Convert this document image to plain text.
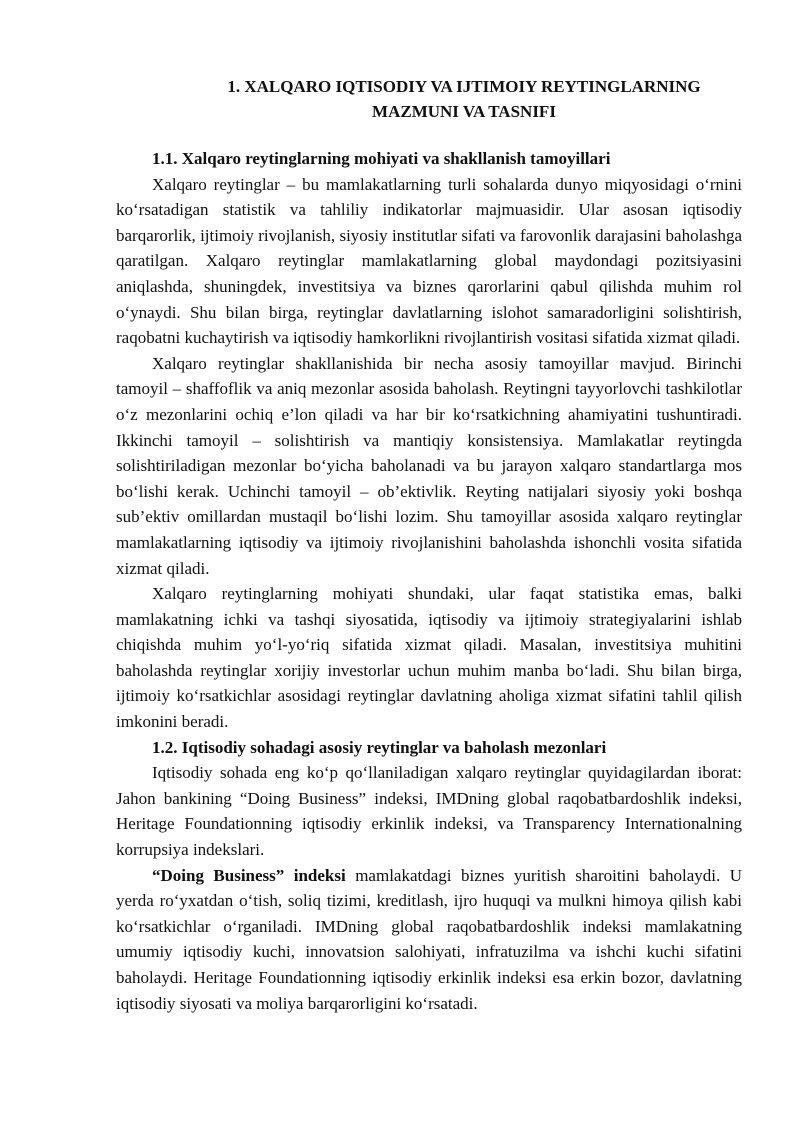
1. XALQARO IQTISODIY VA IJTIMOIY REYTINGLARNING
MAZMUNI VA TASNIFI
1.1. Xalqaro reytinglarning mohiyati va shakllanish tamoyillari

Xalqaro reytinglar – bu mamlakatlarning turli sohalarda dunyo miqyosidagi o‘rnini ko‘rsatadigan statistik va tahliliy indikatorlar majmuasidir. Ular asosan iqtisodiy barqarorlik, ijtimoiy rivojlanish, siyosiy institutlar sifati va farovonlik darajasini baholashga qaratilgan. Xalqaro reytinglar mamlakatlarning global maydondagi pozitsiyasini aniqlashda, shuningdek, investitsiya va biznes qarorlarini qabul qilishda muhim rol o‘ynaydi. Shu bilan birga, reytinglar davlatlarning islohot samaradorligini solishtirish, raqobatni kuchaytirish va iqtisodiy hamkorlikni rivojlantirish vositasi sifatida xizmat qiladi.

Xalqaro reytinglar shakllanishida bir necha asosiy tamoyillar mavjud. Birinchi tamoyil – shaffoflik va aniq mezonlar asosida baholash. Reytingni tayyorlovchi tashkilotlar o‘z mezonlarini ochiq e’lon qiladi va har bir ko‘rsatkichning ahamiyatini tushuntiradi. Ikkinchi tamoyil – solishtirish va mantiqiy konsistensiya. Mamlakatlar reytingda solishtiriladigan mezonlar bo‘yicha baholanadi va bu jarayon xalqaro standartlarga mos bo‘lishi kerak. Uchinchi tamoyil – ob’ektivlik. Reyting natijalari siyosiy yoki boshqa sub’ektiv omillardan mustaqil bo‘lishi lozim. Shu tamoyillar asosida xalqaro reytinglar mamlakatlarning iqtisodiy va ijtimoiy rivojlanishini baholashda ishonchli vosita sifatida xizmat qiladi.

Xalqaro reytinglarning mohiyati shundaki, ular faqat statistika emas, balki mamlakatning ichki va tashqi siyosatida, iqtisodiy va ijtimoiy strategiyalarini ishlab chiqishda muhim yo‘l-yo‘riq sifatida xizmat qiladi. Masalan, investitsiya muhitini baholashda reytinglar xorijiy investorlar uchun muhim manba bo‘ladi. Shu bilan birga, ijtimoiy ko‘rsatkichlar asosidagi reytinglar davlatning aholiga xizmat sifatini tahlil qilish imkonini beradi.

1.2. Iqtisodiy sohadagi asosiy reytinglar va baholash mezonlari

Iqtisodiy sohada eng ko‘p qo‘llaniladigan xalqaro reytinglar quyidagilardan iborat: Jahon bankining “Doing Business” indeksi, IMDning global raqobatbardoshlik indeksi, Heritage Foundationning iqtisodiy erkinlik indeksi, va Transparency Internationalning korrupsiya indekslari.

“Doing Business” indeksi mamlakatdagi biznes yuritish sharoitini baholaydi. U yerda ro‘yxatdan o‘tish, soliq tizimi, kreditlash, ijro huquqi va mulkni himoya qilish kabi ko‘rsatkichlar o‘rganiladi. IMDning global raqobatbardoshlik indeksi mamlakatning umumiy iqtisodiy kuchi, innovatsion salohiyati, infratuzilma va ishchi kuchi sifatini baholaydi. Heritage Foundationning iqtisodiy erkinlik indeksi esa erkin bozor, davlatning iqtisodiy siyosati va moliya barqarorligini ko‘rsatadi.
